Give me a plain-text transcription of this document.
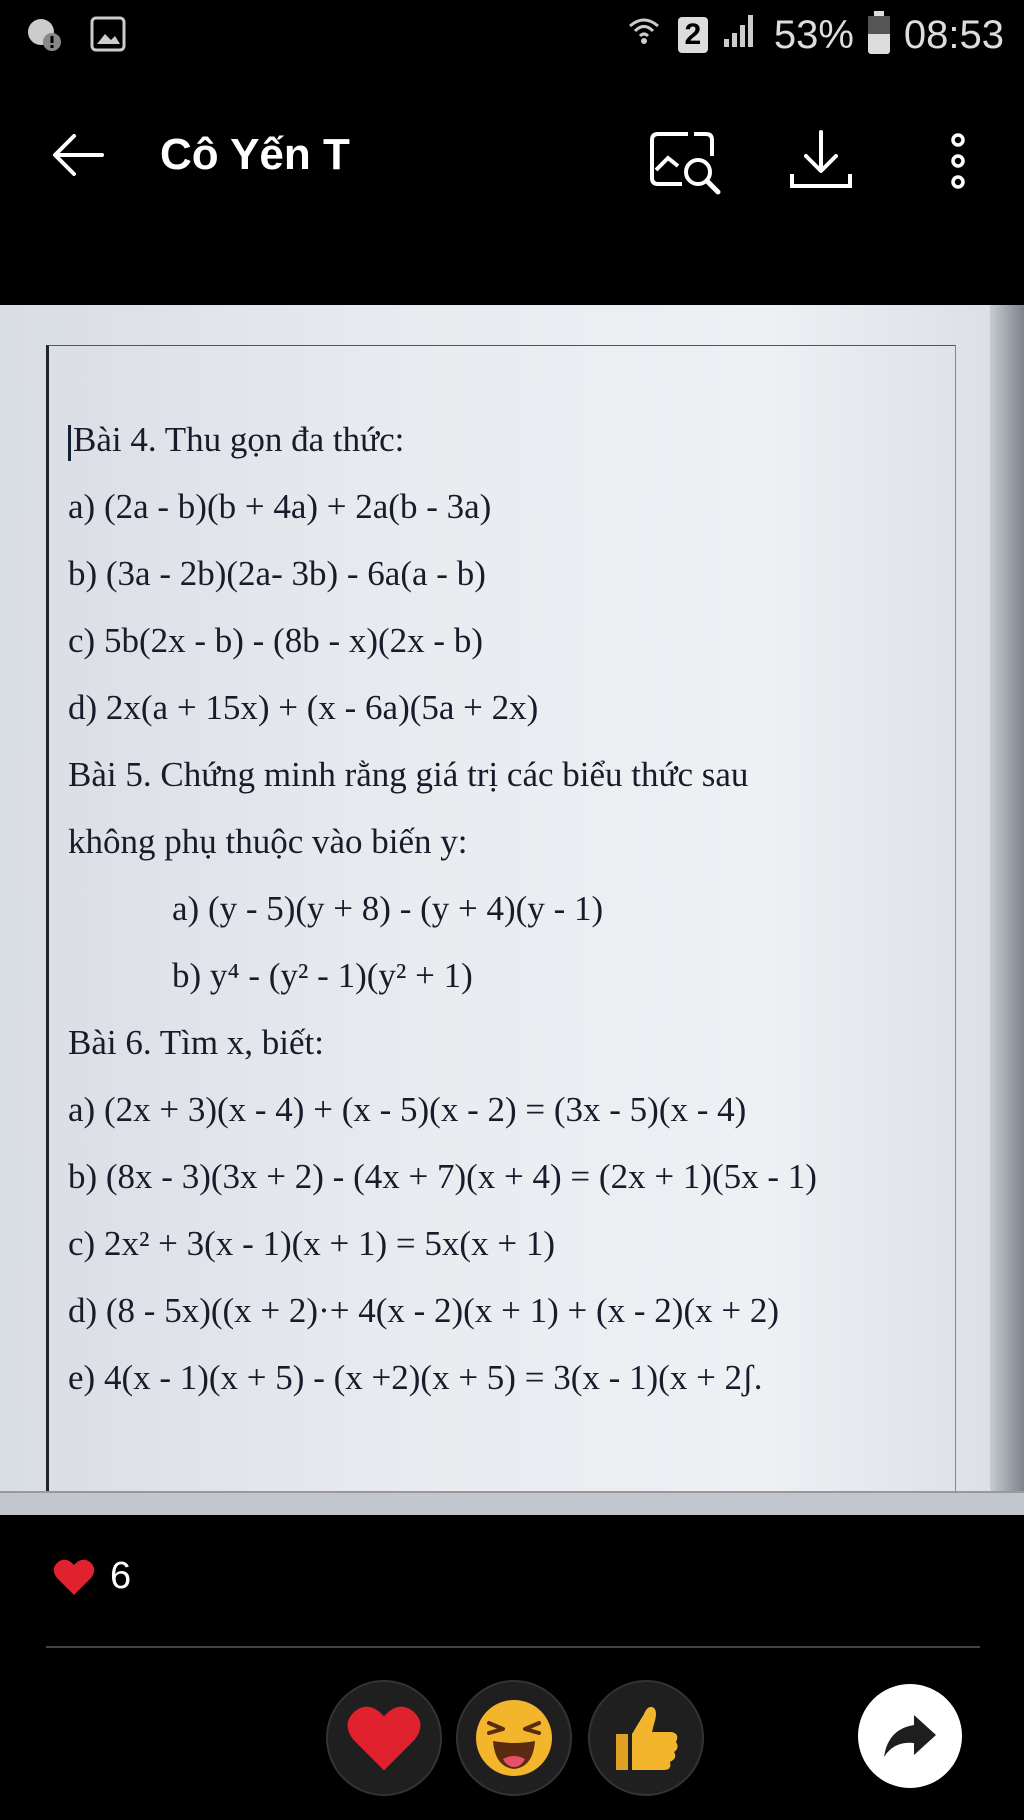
2 53% 08:53
Cô Yến T
Bài 4. Thu gọn đa thức:
a) (2a - b)(b + 4a) + 2a(b - 3a)
b) (3a - 2b)(2a- 3b) - 6a(a - b)
c) 5b(2x - b) - (8b - x)(2x - b)
d) 2x(a + 15x) + (x - 6a)(5a + 2x)
Bài 5. Chứng minh rằng giá trị các biểu thức sau
không phụ thuộc vào biến y:
a) (y - 5)(y + 8) - (y + 4)(y - 1)
b) y⁴ - (y² - 1)(y² + 1)
Bài 6. Tìm x, biết:
a) (2x + 3)(x - 4) + (x - 5)(x - 2) = (3x - 5)(x - 4)
b) (8x - 3)(3x + 2) - (4x + 7)(x + 4) = (2x + 1)(5x - 1)
c) 2x² + 3(x - 1)(x + 1) = 5x(x + 1)
d) (8 - 5x)((x + 2)·+ 4(x - 2)(x + 1) + (x - 2)(x + 2)
e) 4(x - 1)(x + 5) - (x +2)(x + 5) = 3(x - 1)(x + 2ʃ.
6
